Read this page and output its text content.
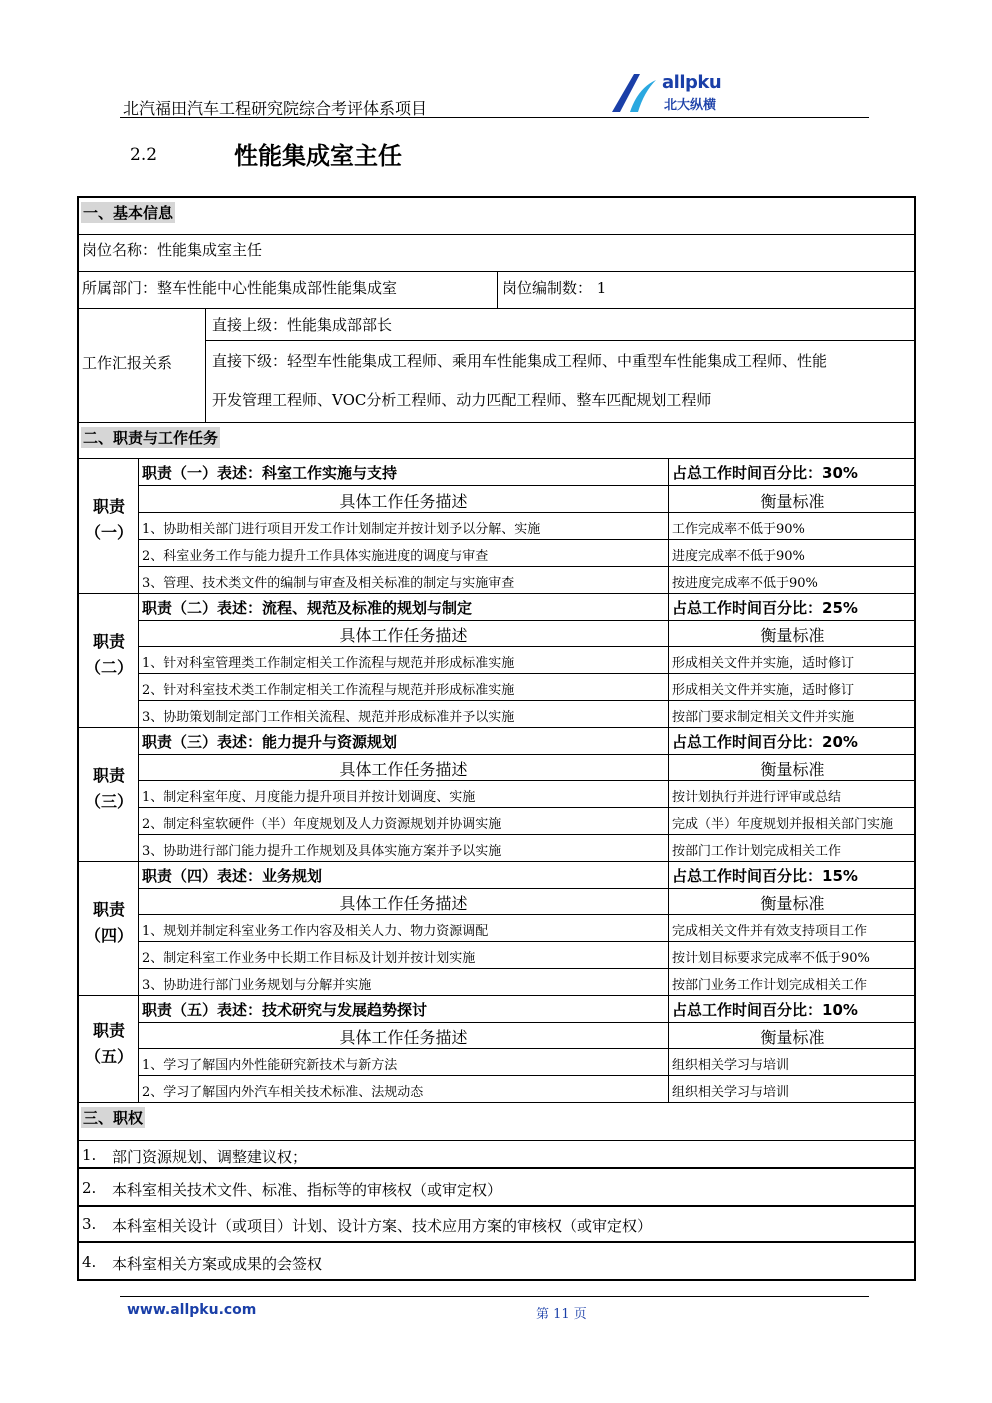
北汽福田汽车工程研究院综合考评体系项目
allpku
北大纵横
2.2	性能集成室主任
一、基本信息
岗位名称：性能集成室主任
所属部门：整车性能中心性能集成部性能集成室	岗位编制数： 1
工作汇报关系
直接上级：性能集成部部长
直接下级：轻型车性能集成工程师、乘用车性能集成工程师、中重型车性能集成工程师、性能
开发管理工程师、VOC分析工程师、动力匹配工程师、整车匹配规划工程师
二、职责与工作任务
职责（一）
职责（一）表述：科室工作实施与支持	占总工作时间百分比：30%
具体工作任务描述	衡量标准
1、协助相关部门进行项目开发工作计划制定并按计划予以分解、实施	工作完成率不低于90%
2、科室业务工作与能力提升工作具体实施进度的调度与审查	进度完成率不低于90%
3、管理、技术类文件的编制与审查及相关标准的制定与实施审查	按进度完成率不低于90%
职责（二）
职责（二）表述：流程、规范及标准的规划与制定	占总工作时间百分比：25%
具体工作任务描述	衡量标准
1、针对科室管理类工作制定相关工作流程与规范并形成标准实施	形成相关文件并实施，适时修订
2、针对科室技术类工作制定相关工作流程与规范并形成标准实施	形成相关文件并实施，适时修订
3、协助策划制定部门工作相关流程、规范并形成标准并予以实施	按部门要求制定相关文件并实施
职责（三）
职责（三）表述：能力提升与资源规划	占总工作时间百分比：20%
具体工作任务描述	衡量标准
1、制定科室年度、月度能力提升项目并按计划调度、实施	按计划执行并进行评审或总结
2、制定科室软硬件（半）年度规划及人力资源规划并协调实施	完成（半）年度规划并报相关部门实施
3、协助进行部门能力提升工作规划及具体实施方案并予以实施	按部门工作计划完成相关工作
职责（四）
职责（四）表述：业务规划	占总工作时间百分比：15%
具体工作任务描述	衡量标准
1、规划并制定科室业务工作内容及相关人力、物力资源调配	完成相关文件并有效支持项目工作
2、制定科室工作业务中长期工作目标及计划并按计划实施	按计划目标要求完成率不低于90%
3、协助进行部门业务规划与分解并实施	按部门业务工作计划完成相关工作
职责（五）
职责（五）表述：技术研究与发展趋势探讨	占总工作时间百分比：10%
具体工作任务描述	衡量标准
1、学习了解国内外性能研究新技术与新方法	组织相关学习与培训
2、学习了解国内外汽车相关技术标准、法规动态	组织相关学习与培训
三、职权
1. 部门资源规划、调整建议权；
2. 本科室相关技术文件、标准、指标等的审核权（或审定权）
3. 本科室相关设计（或项目）计划、设计方案、技术应用方案的审核权（或审定权）
4. 本科室相关方案或成果的会签权
www.allpku.com	第 11 页
